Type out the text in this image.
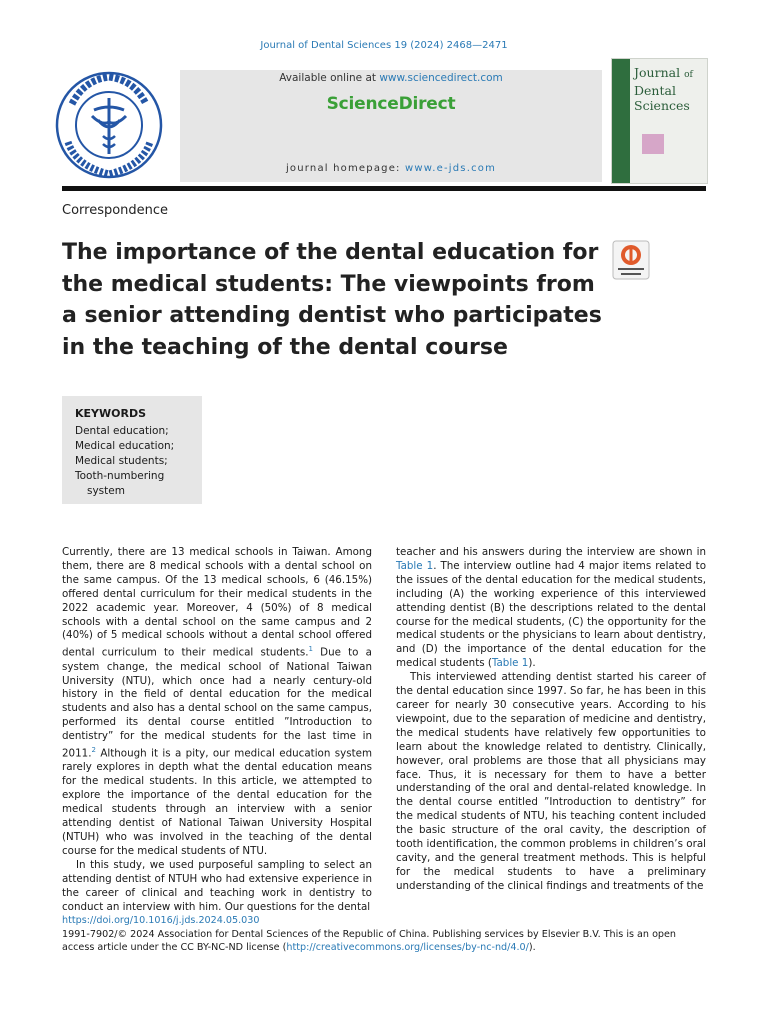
Journal of Dental Sciences 19 (2024) 2468—2471
Available online at www.sciencedirect.com
ScienceDirect
journal homepage: www.e-jds.com
Journal of
Dental
Sciences
Correspondence
The importance of the dental education for the medical students: The viewpoints from a senior attending dentist who participates in the teaching of the dental course
KEYWORDS
Dental education;
Medical education;
Medical students;
Tooth-numbering
system

Currently, there are 13 medical schools in Taiwan. Among them, there are 8 medical schools with a dental school on the same campus. Of the 13 medical schools, 6 (46.15%) offered dental curriculum for their medical students in the 2022 academic year. Moreover, 4 (50%) of 8 medical schools with a dental school on the same campus and 2 (40%) of 5 medical schools without a dental school offered dental curriculum to their medical students.$^1$ Due to a system change, the medical school of National Taiwan University (NTU), which once had a nearly century-old history in the field of dental education for the medical students and also has a dental school on the same campus, performed its dental course entitled ”Introduction to dentistry” for the medical students for the last time in 2011.$^2$ Although it is a pity, our medical education system rarely explores in depth what the dental education means for the medical students. In this article, we attempted to explore the importance of the dental education for the medical students through an interview with a senior attending dentist of National Taiwan University Hospital (NTUH) who was involved in the teaching of the dental course for the medical students of NTU.

In this study, we used purposeful sampling to select an attending dentist of NTUH who had extensive experience in the career of clinical and teaching work in dentistry to conduct an interview with him. Our questions for the dental

teacher and his answers during the interview are shown in Table 1. The interview outline had 4 major items related to the issues of the dental education for the medical students, including (A) the working experience of this interviewed attending dentist (B) the descriptions related to the dental course for the medical students, (C) the opportunity for the medical students or the physicians to learn about dentistry, and (D) the importance of the dental education for the medical students (Table 1).

This interviewed attending dentist started his career of the dental education since 1997. So far, he has been in this career for nearly 30 consecutive years. According to his viewpoint, due to the separation of medicine and dentistry, the medical students have relatively few opportunities to learn about the knowledge related to dentistry. Clinically, however, oral problems are those that all physicians may face. Thus, it is necessary for them to have a better understanding of the oral and dental-related knowledge. In the dental course entitled ”Introduction to dentistry” for the medical students of NTU, his teaching content included the basic structure of the oral cavity, the description of tooth identification, the common problems in children’s oral cavity, and the general treatment methods. This is helpful for the medical students to have a preliminary understanding of the clinical findings and treatments of the

https://doi.org/10.1016/j.jds.2024.05.030
1991-7902/© 2024 Association for Dental Sciences of the Republic of China. Publishing services by Elsevier B.V. This is an open access article under the CC BY-NC-ND license (http://creativecommons.org/licenses/by-nc-nd/4.0/).
